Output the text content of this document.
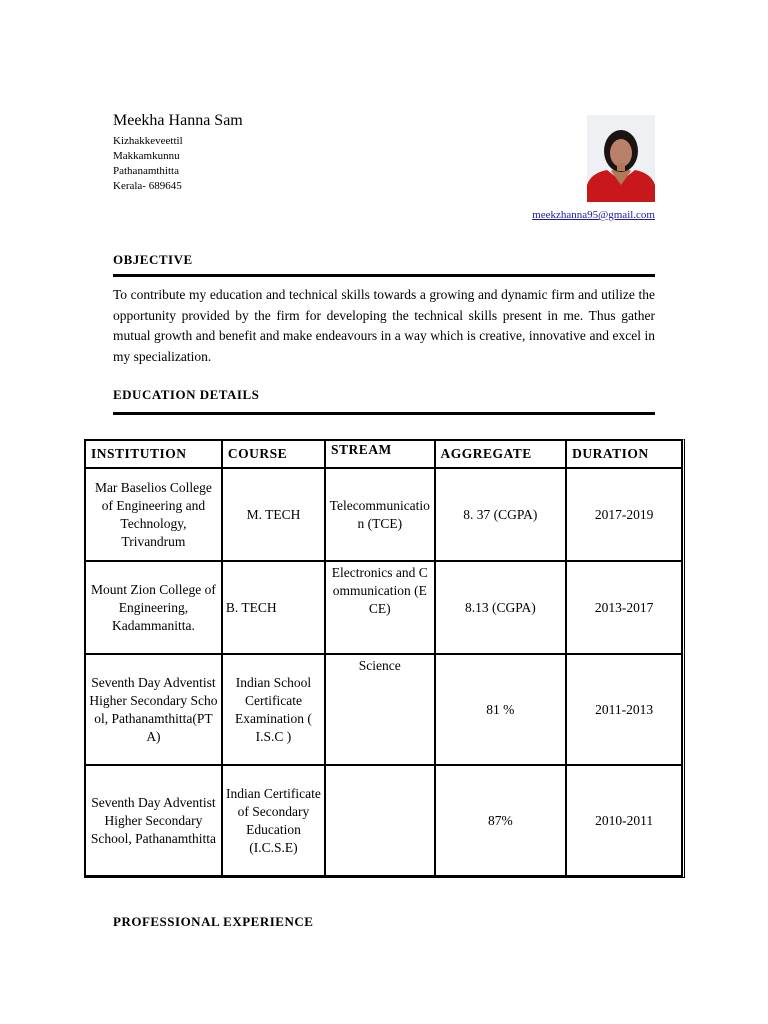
Meekha Hanna Sam
Kizhakkeveettil
Makkamkunnu
Pathanamthitta
Kerala- 689645
meekzhanna95@gmail.com
OBJECTIVE
To contribute my education and technical skills towards a growing and dynamic firm and utilize the opportunity provided by the firm for developing the technical skills present in me. Thus gather mutual growth and benefit and make endeavours in a way which is creative, innovative and excel in my specialization.
EDUCATION DETAILS
INSTITUTION	COURSE	STREAM	AGGREGATE	DURATION
Mar Baselios College of Engineering and Technology, Trivandrum	M. TECH	Telecommunication (TCE)	8. 37 (CGPA)	2017-2019
Mount Zion College of Engineering, Kadammanitta.	B. TECH	Electronics and Communication (ECE)	8.13 (CGPA)	2013-2017
Seventh Day Adventist Higher Secondary School, Pathanamthitta(PTA)	Indian School Certificate Examination ( I.S.C )	Science	81 %	2011-2013
Seventh Day Adventist Higher Secondary School, Pathanamthitta	Indian Certificate of Secondary Education (I.C.S.E)		87%	2010-2011
PROFESSIONAL EXPERIENCE
